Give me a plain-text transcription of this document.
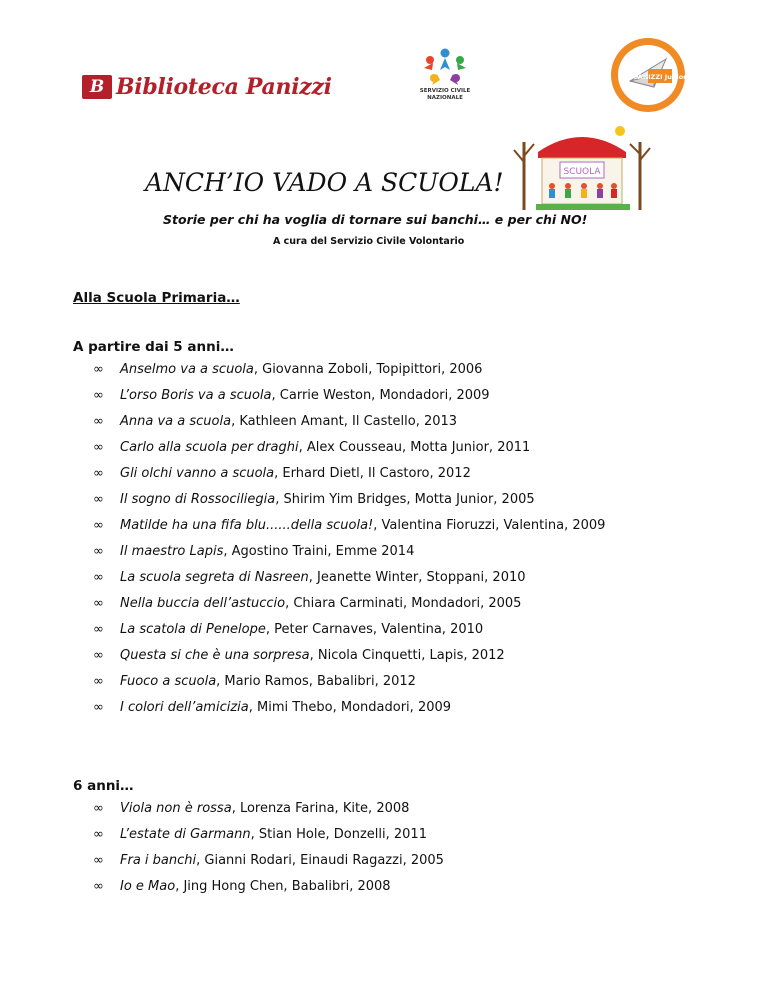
B Biblioteca Panizzi	SERVIZIO CIVILE NAZIONALE
PANIZZI Junior
SCUOLA
ANCH’IO VADO A SCUOLA!
Storie per chi ha voglia di tornare sui banchi… e per chi NO!
A cura del Servizio Civile Volontario
Alla Scuola Primaria…
A partire dai 5 anni…
∞ Anselmo va a scuola, Giovanna Zoboli, Topipittori, 2006
∞ L’orso Boris va a scuola, Carrie Weston, Mondadori, 2009
∞ Anna va a scuola, Kathleen Amant, Il Castello, 2013
∞ Carlo alla scuola per draghi, Alex Cousseau, Motta Junior, 2011
∞ Gli olchi vanno a scuola, Erhard Dietl, Il Castoro, 2012
∞ Il sogno di Rossociliegia, Shirim Yim Bridges, Motta Junior, 2005
∞ Matilde ha una fifa blu......della scuola!, Valentina Fioruzzi, Valentina, 2009
∞ Il maestro Lapis, Agostino Traini, Emme 2014
∞ La scuola segreta di Nasreen, Jeanette Winter, Stoppani, 2010
∞ Nella buccia dell’astuccio, Chiara Carminati, Mondadori, 2005
∞ La scatola di Penelope, Peter Carnaves, Valentina, 2010
∞ Questa si che è una sorpresa, Nicola Cinquetti, Lapis, 2012
∞ Fuoco a scuola, Mario Ramos, Babalibri, 2012
∞ I colori dell’amicizia, Mimi Thebo, Mondadori, 2009
6 anni…
∞ Viola non è rossa, Lorenza Farina, Kite, 2008
∞ L’estate di Garmann, Stian Hole, Donzelli, 2011
∞ Fra i banchi, Gianni Rodari, Einaudi Ragazzi, 2005
∞ Io e Mao, Jing Hong Chen, Babalibri, 2008
